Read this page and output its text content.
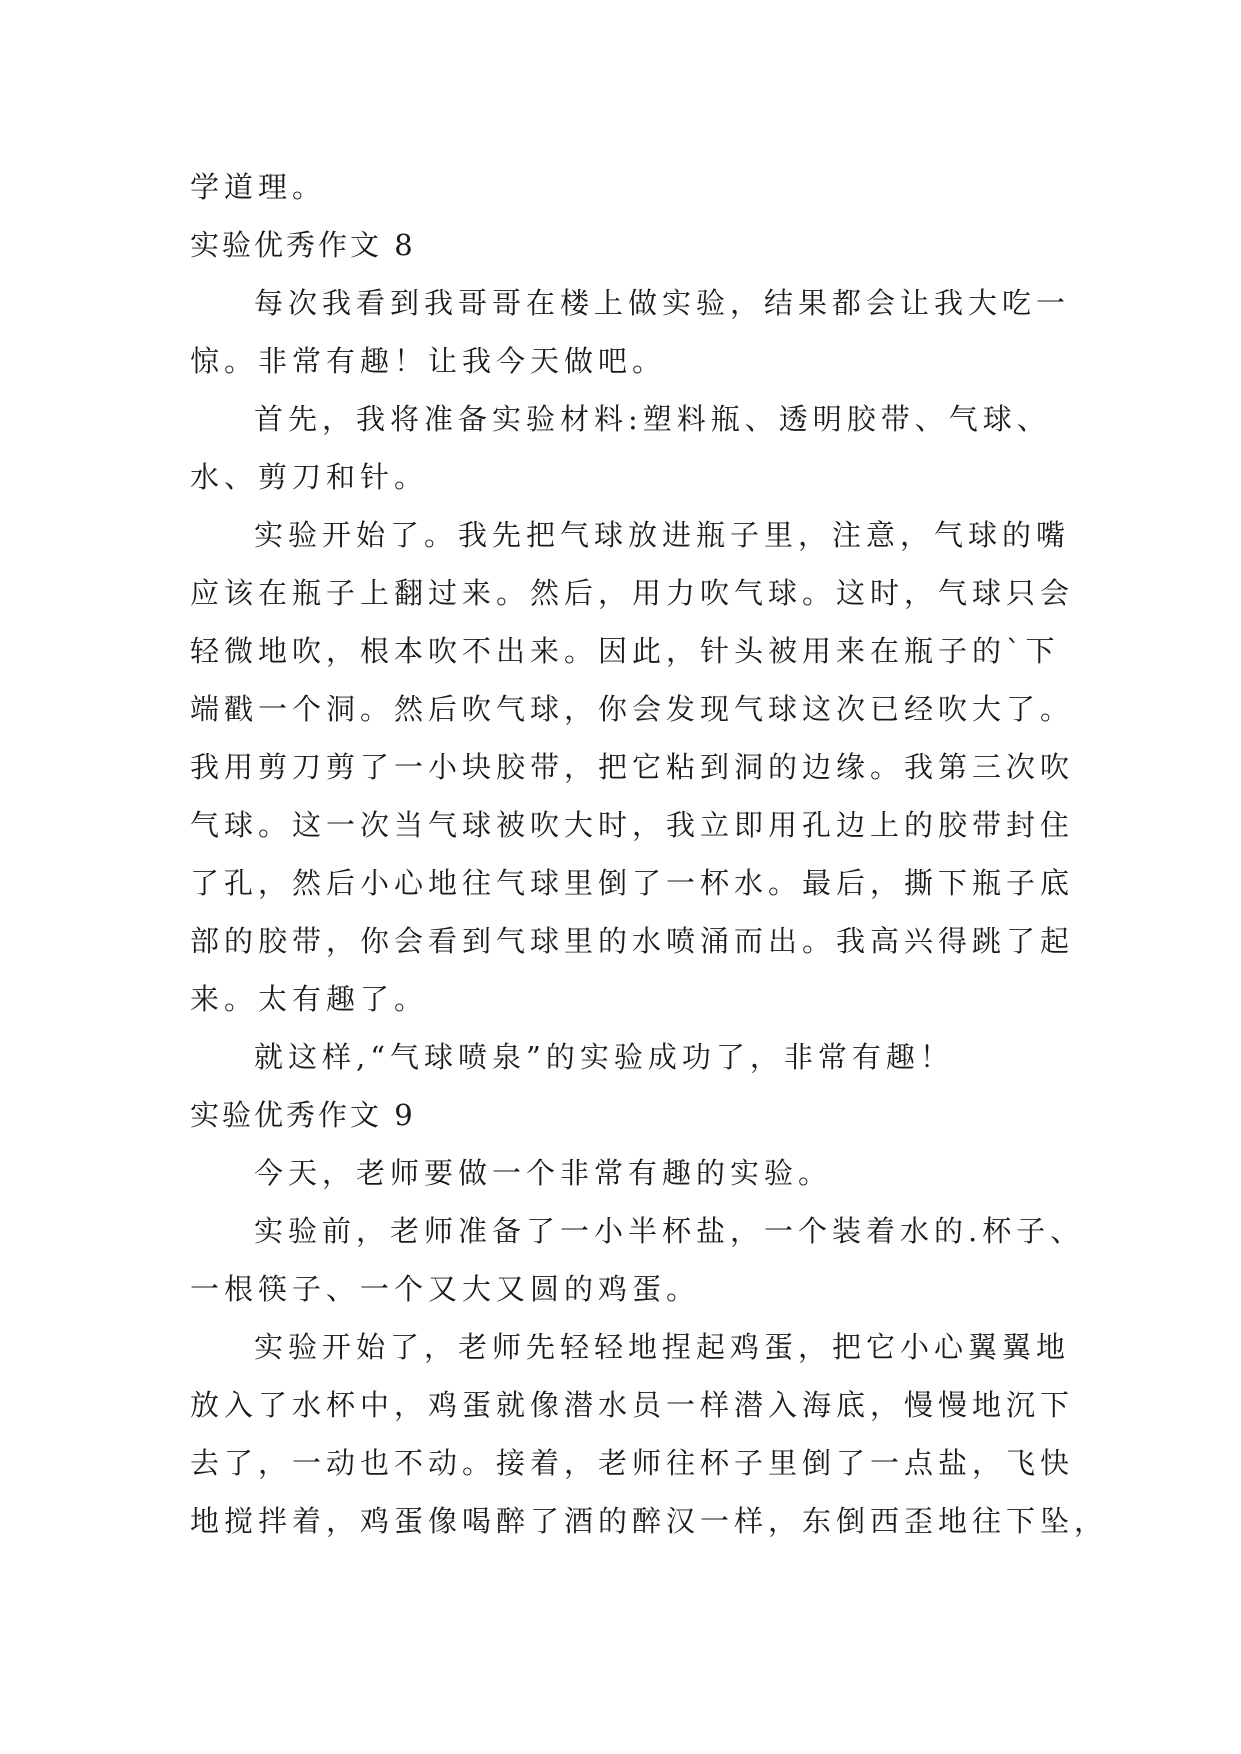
学道理。
实验优秀作文 8
每次我看到我哥哥在楼上做实验，结果都会让我大吃一
惊。非常有趣！让我今天做吧。
首先，我将准备实验材料:塑料瓶、透明胶带、气球、
水、剪刀和针。
实验开始了。我先把气球放进瓶子里，注意，气球的嘴
应该在瓶子上翻过来。然后，用力吹气球。这时，气球只会
轻微地吹，根本吹不出来。因此，针头被用来在瓶子的`下
端戳一个洞。然后吹气球，你会发现气球这次已经吹大了。
我用剪刀剪了一小块胶带，把它粘到洞的边缘。我第三次吹
气球。这一次当气球被吹大时，我立即用孔边上的胶带封住
了孔，然后小心地往气球里倒了一杯水。最后，撕下瓶子底
部的胶带，你会看到气球里的水喷涌而出。我高兴得跳了起
来。太有趣了。
就这样,“气球喷泉”的实验成功了，非常有趣！
实验优秀作文 9
今天，老师要做一个非常有趣的实验。
实验前，老师准备了一小半杯盐，一个装着水的.杯子、
一根筷子、一个又大又圆的鸡蛋。
实验开始了，老师先轻轻地捏起鸡蛋，把它小心翼翼地
放入了水杯中，鸡蛋就像潜水员一样潜入海底，慢慢地沉下
去了，一动也不动。接着，老师往杯子里倒了一点盐，飞快
地搅拌着，鸡蛋像喝醉了酒的醉汉一样，东倒西歪地往下坠，
